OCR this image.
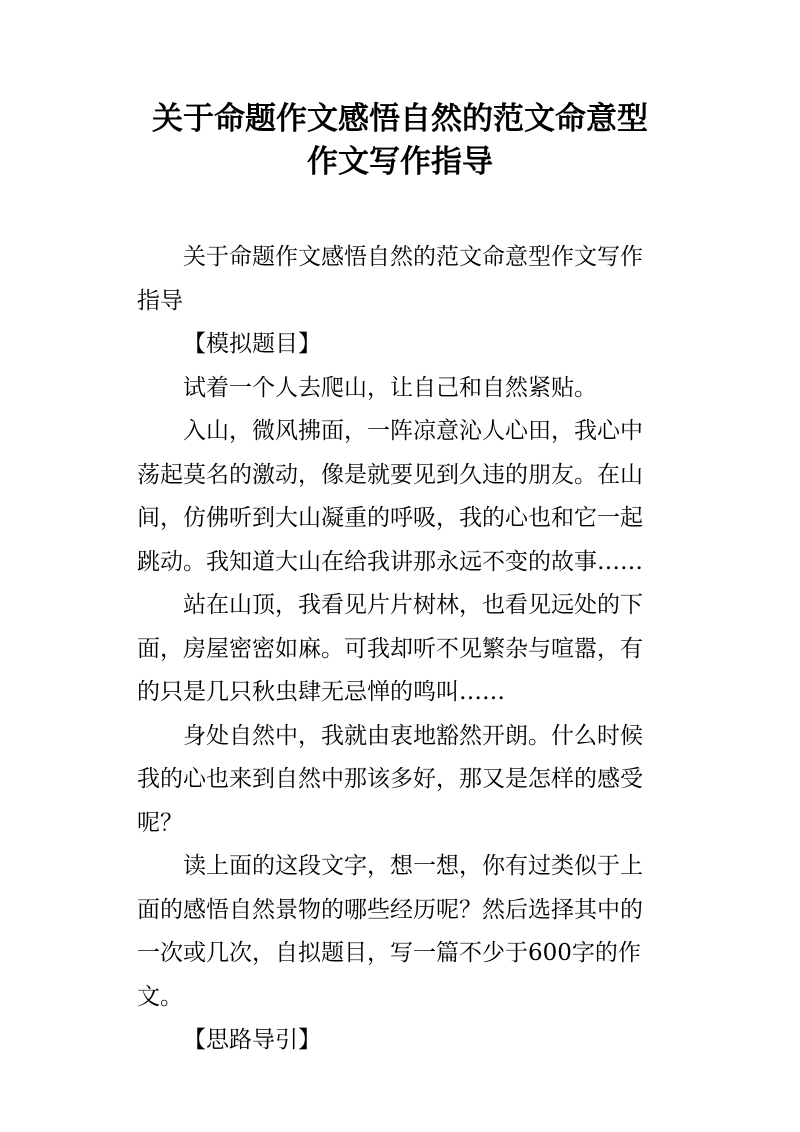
关于命题作文感悟自然的范文命意型
作文写作指导

关于命题作文感悟自然的范文命意型作文写作指导

【模拟题目】

试着一个人去爬山，让自己和自然紧贴。

入山，微风拂面，一阵凉意沁人心田，我心中荡起莫名的激动，像是就要见到久违的朋友。在山间，仿佛听到大山凝重的呼吸，我的心也和它一起跳动。我知道大山在给我讲那永远不变的故事……

站在山顶，我看见片片树林，也看见远处的下面，房屋密密如麻。可我却听不见繁杂与喧嚣，有的只是几只秋虫肆无忌惮的鸣叫……

身处自然中，我就由衷地豁然开朗。什么时候我的心也来到自然中那该多好，那又是怎样的感受呢？

读上面的这段文字，想一想，你有过类似于上面的感悟自然景物的哪些经历呢？然后选择其中的一次或几次，自拟题目，写一篇不少于600字的作文。

【思路导引】
